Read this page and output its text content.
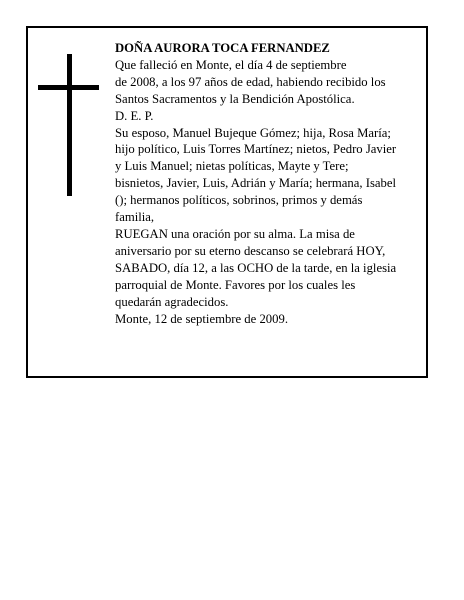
DOÑA AURORA TOCA FERNANDEZ

Que falleció en Monte, el día 4 de septiembre

de 2008, a los 97 años de edad, habiendo recibido los

Santos Sacramentos y la Bendición Apostólica.

D. E. P.

Su esposo, Manuel Bujeque Gómez; hija, Rosa María;

hijo político, Luis Torres Martínez; nietos, Pedro Javier

y Luis Manuel; nietas políticas, Mayte y Tere;

bisnietos, Javier, Luis, Adrián y María; hermana, Isabel

(); hermanos políticos, sobrinos, primos y demás

familia,

RUEGAN una oración por su alma. La misa de

aniversario por su eterno descanso se celebrará HOY,

SABADO, día 12, a las OCHO de la tarde, en la iglesia

parroquial de Monte. Favores por los cuales les

quedarán agradecidos.

Monte, 12 de septiembre de 2009.
